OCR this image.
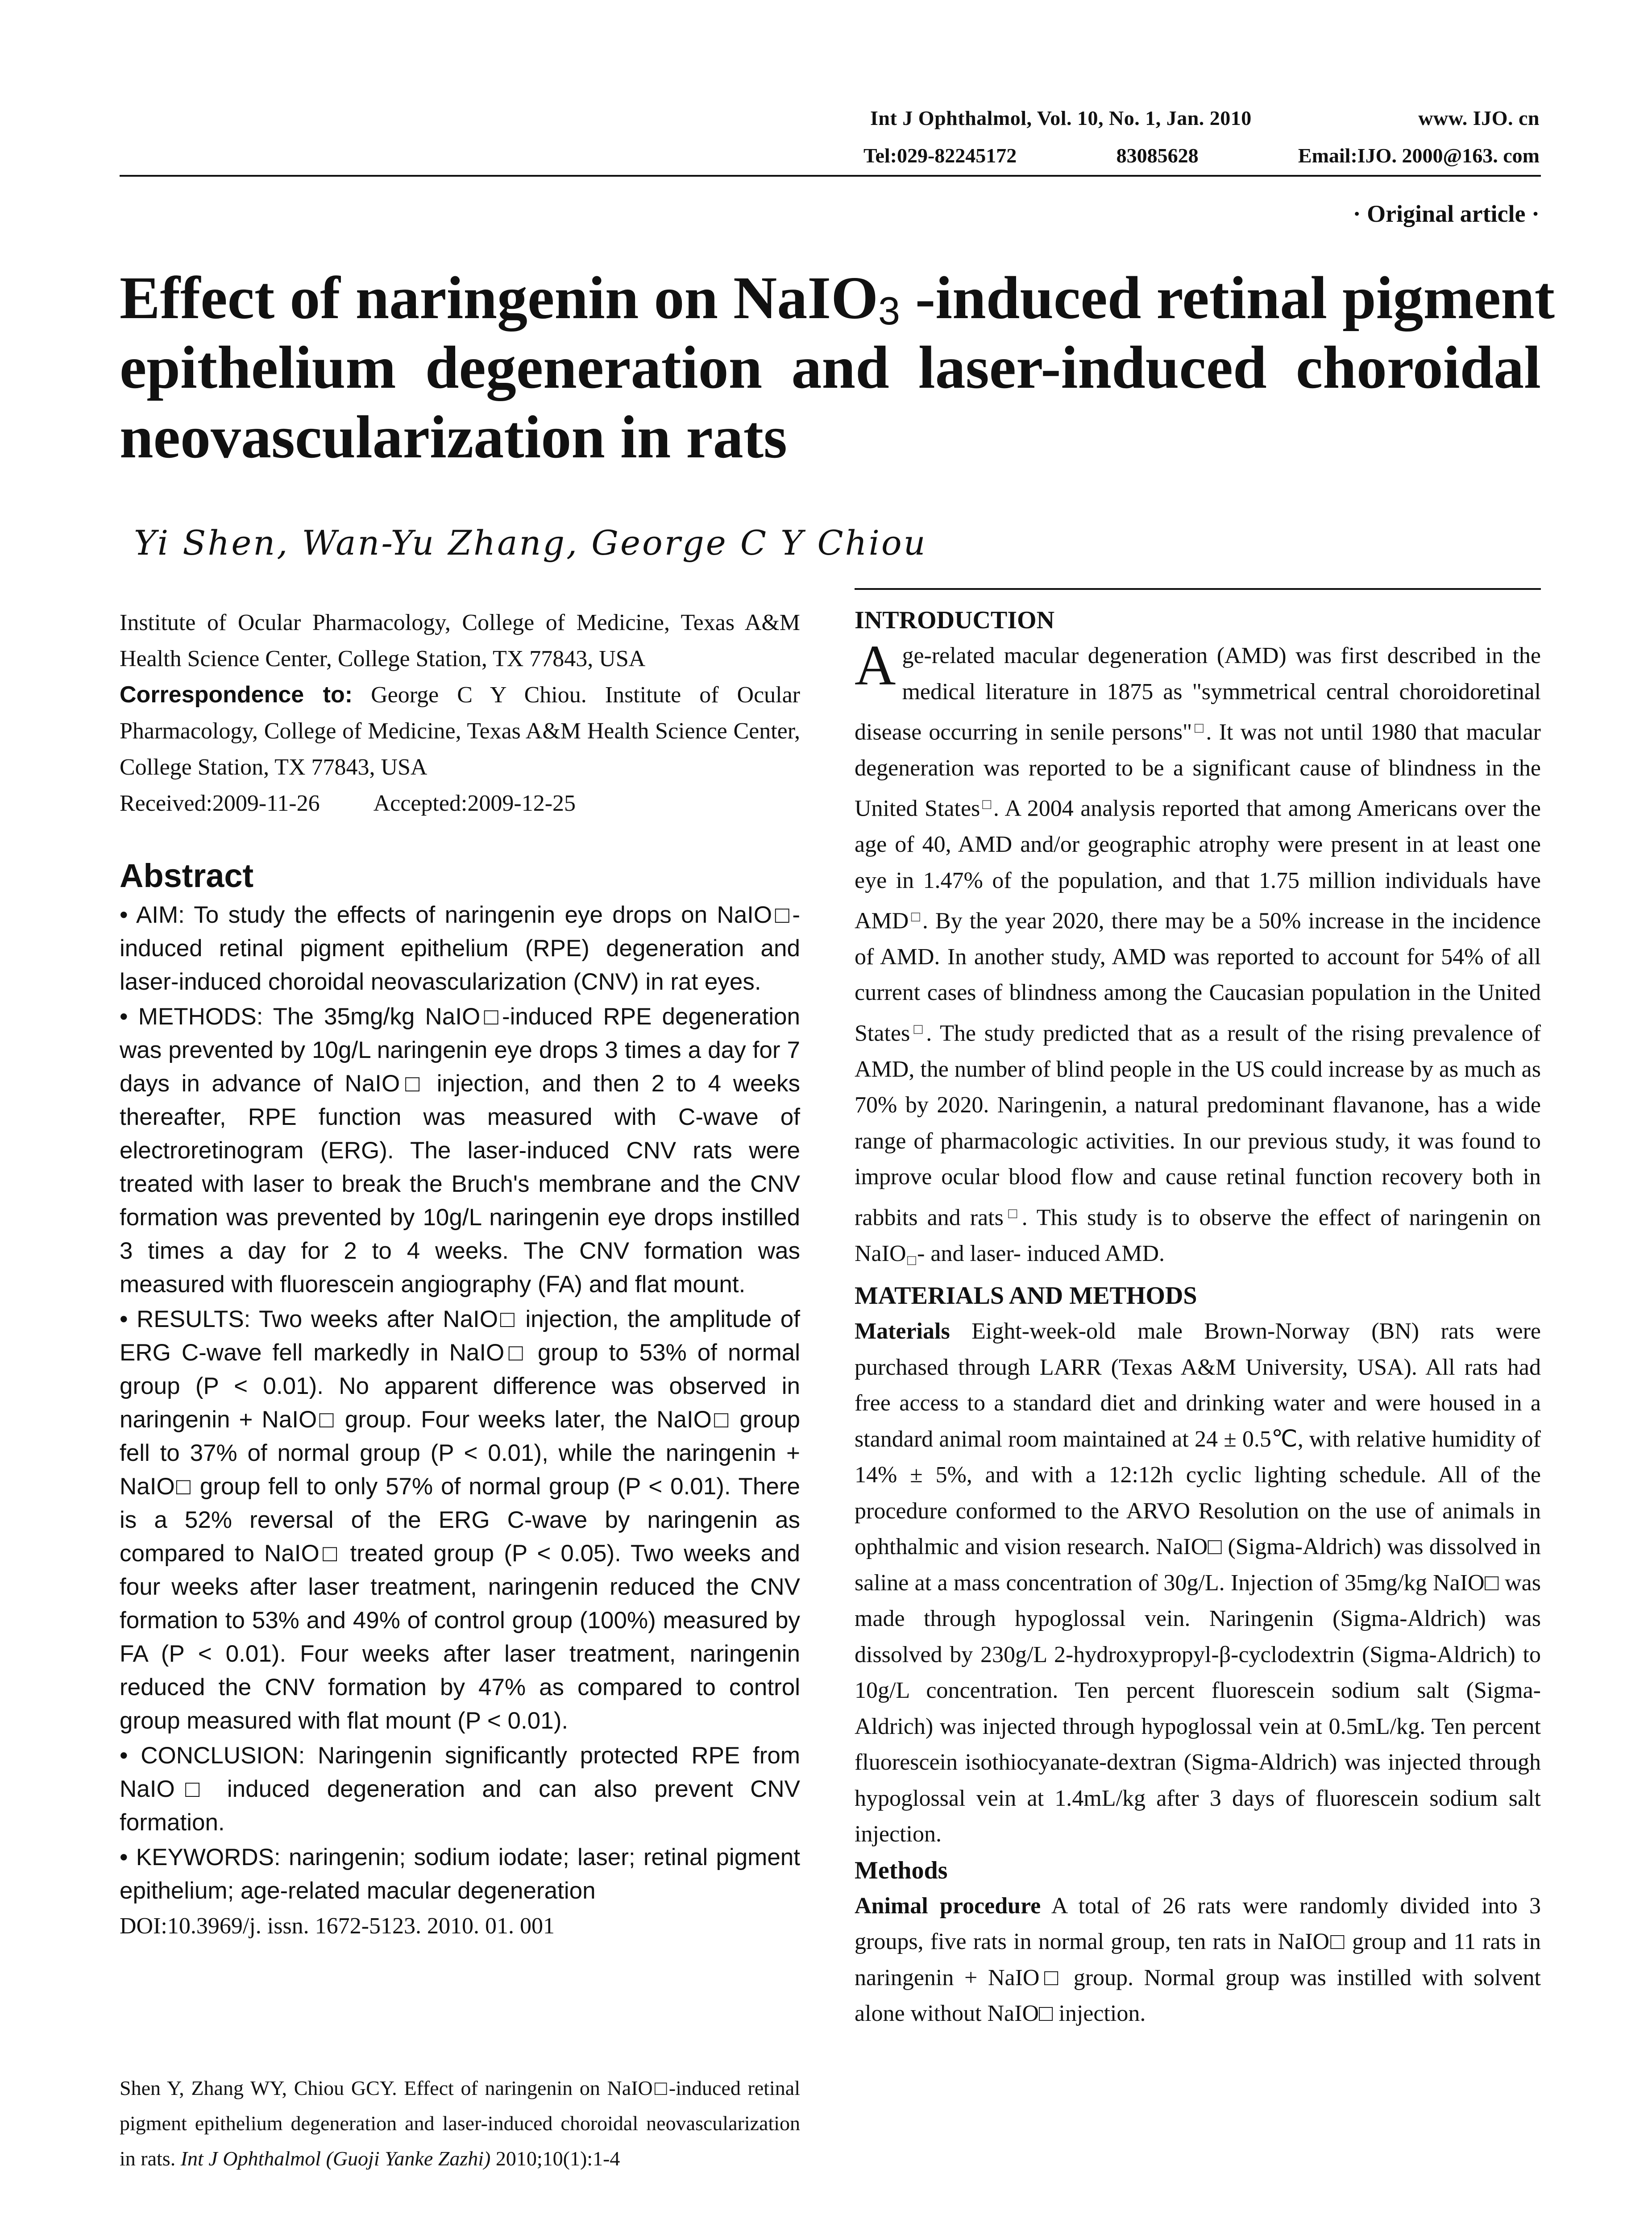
Int J Ophthalmol, Vol. 10, No. 1, Jan. 2010	www. IJO. cn
Tel:029-82245172	83085628	Email:IJO. 2000@163. com
· Original article ·
Effect of naringenin on NaIO$_3$ -induced retinal pigment
epithelium degeneration and laser-induced choroidal
neovascularization in rats
Yi Shen, Wan-Yu Zhang, George C Y Chiou
Institute of Ocular Pharmacology, College of Medicine, Texas A&M Health Science Center, College Station, TX 77843, USA
Correspondence to: George C Y Chiou. Institute of Ocular Pharmacology, College of Medicine, Texas A&M Health Science Center, College Station, TX 77843, USA
Received:2009-11-26 Accepted:2009-12-25
Abstract

• AIM: To study the effects of naringenin eye drops on NaIO□-induced retinal pigment epithelium (RPE) degeneration and laser-induced choroidal neovascularization (CNV) in rat eyes.

• METHODS: The 35mg/kg NaIO□-induced RPE degeneration was prevented by 10g/L naringenin eye drops 3 times a day for 7 days in advance of NaIO□ injection, and then 2 to 4 weeks thereafter, RPE function was measured with C-wave of electroretinogram (ERG). The laser-induced CNV rats were treated with laser to break the Bruch's membrane and the CNV formation was prevented by 10g/L naringenin eye drops instilled 3 times a day for 2 to 4 weeks. The CNV formation was measured with fluorescein angiography (FA) and flat mount.

• RESULTS: Two weeks after NaIO□ injection, the amplitude of ERG C-wave fell markedly in NaIO□ group to 53% of normal group (P < 0.01). No apparent difference was observed in naringenin + NaIO□ group. Four weeks later, the NaIO□ group fell to 37% of normal group (P < 0.01), while the naringenin + NaIO□ group fell to only 57% of normal group (P < 0.01). There is a 52% reversal of the ERG C-wave by naringenin as compared to NaIO□ treated group (P < 0.05). Two weeks and four weeks after laser treatment, naringenin reduced the CNV formation to 53% and 49% of control group (100%) measured by FA (P < 0.01). Four weeks after laser treatment, naringenin reduced the CNV formation by 47% as compared to control group measured with flat mount (P < 0.01).

• CONCLUSION: Naringenin significantly protected RPE from NaIO□ induced degeneration and can also prevent CNV formation.

• KEYWORDS: naringenin; sodium iodate; laser; retinal pigment epithelium; age-related macular degeneration

DOI:10.3969/j. issn. 1672-5123. 2010. 01. 001
Shen Y, Zhang WY, Chiou GCY. Effect of naringenin on NaIO□-induced retinal pigment epithelium degeneration and laser-induced choroidal neovascularization in rats. Int J Ophthalmol (Guoji Yanke Zazhi) 2010;10(1):1-4
INTRODUCTION

Age-related macular degeneration (AMD) was first described in the medical literature in 1875 as "symmetrical central choroidoretinal disease occurring in senile persons"□. It was not until 1980 that macular degeneration was reported to be a significant cause of blindness in the United States□. A 2004 analysis reported that among Americans over the age of 40, AMD and/or geographic atrophy were present in at least one eye in 1.47% of the population, and that 1.75 million individuals have AMD□. By the year 2020, there may be a 50% increase in the incidence of AMD. In another study, AMD was reported to account for 54% of all current cases of blindness among the Caucasian population in the United States□. The study predicted that as a result of the rising prevalence of AMD, the number of blind people in the US could increase by as much as 70% by 2020. Naringenin, a natural predominant flavanone, has a wide range of pharmacologic activities. In our previous study, it was found to improve ocular blood flow and cause retinal function recovery both in rabbits and rats□. This study is to observe the effect of naringenin on NaIO□- and laser- induced AMD.

MATERIALS AND METHODS

Materials Eight-week-old male Brown-Norway (BN) rats were purchased through LARR (Texas A&M University, USA). All rats had free access to a standard diet and drinking water and were housed in a standard animal room maintained at 24 ± 0.5℃, with relative humidity of 14% ± 5%, and with a 12:12h cyclic lighting schedule. All of the procedure conformed to the ARVO Resolution on the use of animals in ophthalmic and vision research. NaIO□ (Sigma-Aldrich) was dissolved in saline at a mass concentration of 30g/L. Injection of 35mg/kg NaIO□ was made through hypoglossal vein. Naringenin (Sigma-Aldrich) was dissolved by 230g/L 2-hydroxypropyl-β-cyclodextrin (Sigma-Aldrich) to 10g/L concentration. Ten percent fluorescein sodium salt (Sigma-Aldrich) was injected through hypoglossal vein at 0.5mL/kg. Ten percent fluorescein isothiocyanate-dextran (Sigma-Aldrich) was injected through hypoglossal vein at 1.4mL/kg after 3 days of fluorescein sodium salt injection.

Methods

Animal procedure A total of 26 rats were randomly divided into 3 groups, five rats in normal group, ten rats in NaIO□ group and 11 rats in naringenin + NaIO□ group. Normal group was instilled with solvent alone without NaIO□ injection.
